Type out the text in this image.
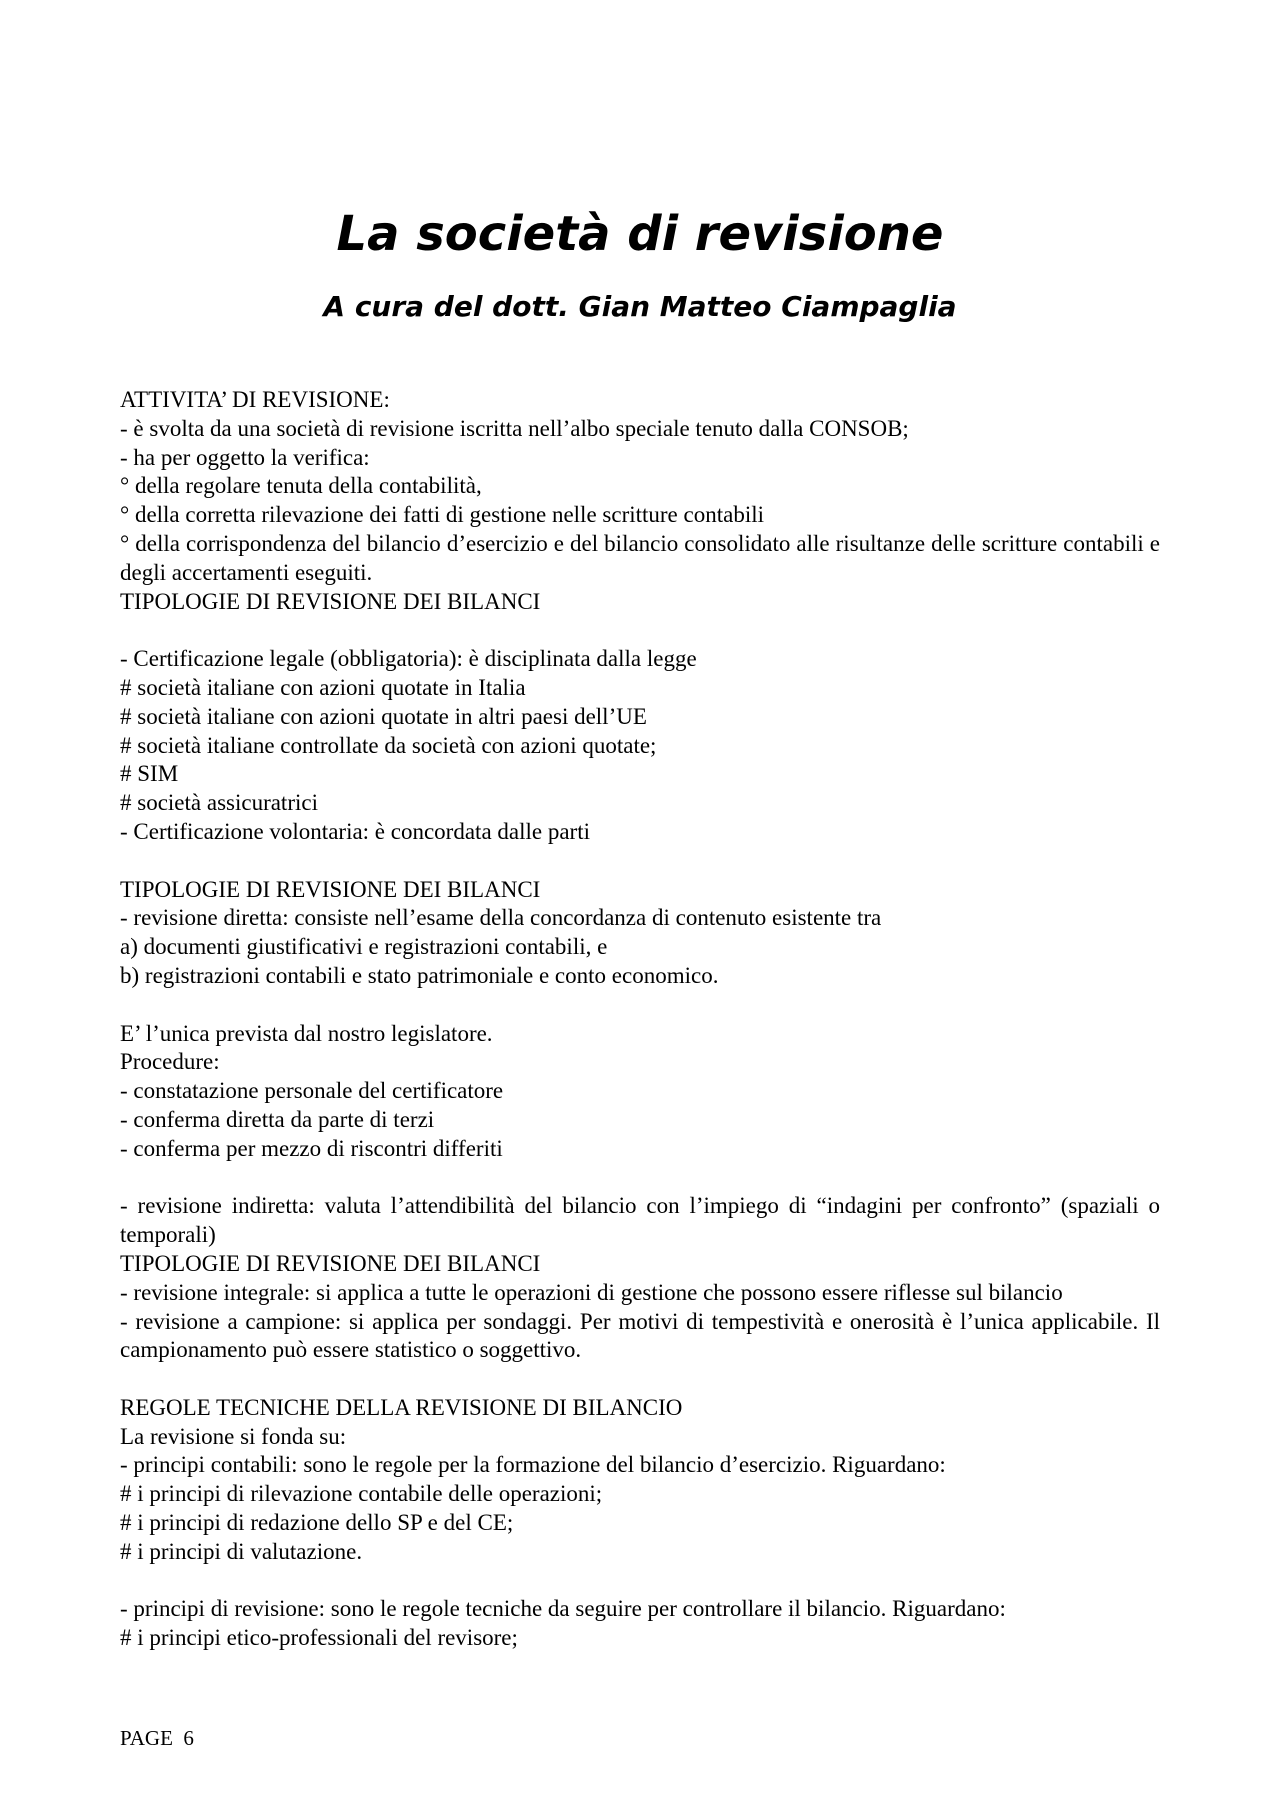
La società di revisione
A cura del dott. Gian Matteo Ciampaglia
ATTIVITA’ DI REVISIONE:
- è svolta da una società di revisione iscritta nell’albo speciale tenuto dalla CONSOB;
- ha per oggetto la verifica:
° della regolare tenuta della contabilità,
° della corretta rilevazione dei fatti di gestione nelle scritture contabili
° della corrispondenza del bilancio d’esercizio e del bilancio consolidato alle risultanze delle scritture contabili e degli accertamenti eseguiti.
TIPOLOGIE DI REVISIONE DEI BILANCI
- Certificazione legale (obbligatoria): è disciplinata dalla legge
# società italiane con azioni quotate in Italia
# società italiane con azioni quotate in altri paesi dell’UE
# società italiane controllate da società con azioni quotate;
# SIM
# società assicuratrici
- Certificazione volontaria: è concordata dalle parti
TIPOLOGIE DI REVISIONE DEI BILANCI
- revisione diretta: consiste nell’esame della concordanza di contenuto esistente tra
a) documenti giustificativi e registrazioni contabili, e
b) registrazioni contabili e stato patrimoniale e conto economico.
E’ l’unica prevista dal nostro legislatore.
Procedure:
- constatazione personale del certificatore
- conferma diretta da parte di terzi
- conferma per mezzo di riscontri differiti
- revisione indiretta: valuta l’attendibilità del bilancio con l’impiego di “indagini per confronto” (spaziali o temporali)
TIPOLOGIE DI REVISIONE DEI BILANCI
- revisione integrale: si applica a tutte le operazioni di gestione che possono essere riflesse sul bilancio
- revisione a campione: si applica per sondaggi. Per motivi di tempestività e onerosità è l’unica applicabile. Il campionamento può essere statistico o soggettivo.
REGOLE TECNICHE DELLA REVISIONE DI BILANCIO
La revisione si fonda su:
- principi contabili: sono le regole per la formazione del bilancio d’esercizio. Riguardano:
# i principi di rilevazione contabile delle operazioni;
# i principi di redazione dello SP e del CE;
# i principi di valutazione.
- principi di revisione: sono le regole tecniche da seguire per controllare il bilancio. Riguardano:
# i principi etico-professionali del revisore;
PAGE  6
